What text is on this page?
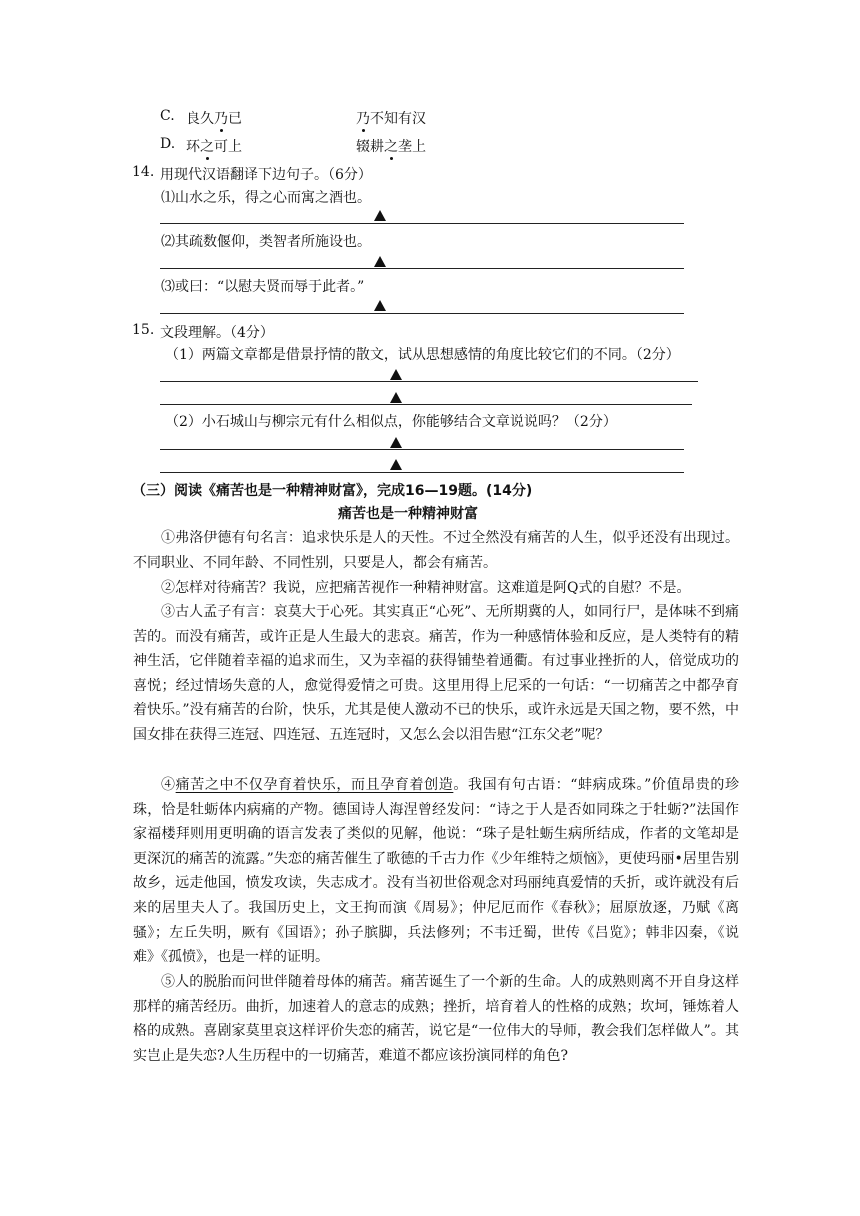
C. 良久乃已	乃不知有汉
D. 环之可上	辍耕之垄上
14. 用现代汉语翻译下边句子。（6分）
⑴山水之乐，得之心而寓之酒也。
⑵其疏数偃仰，类智者所施设也。
⑶或曰：“以慰夫贤而辱于此者。”
15. 文段理解。（4分）
（1）两篇文章都是借景抒情的散文，试从思想感情的角度比较它们的不同。（2分）
（2）小石城山与柳宗元有什么相似点，你能够结合文章说说吗？（2分）
（三）阅读《痛苦也是一种精神财富》，完成16—19题。(14分)
痛苦也是一种精神财富
①弗洛伊德有句名言：追求快乐是人的天性。不过全然没有痛苦的人生，似乎还没有出现过。不同职业、不同年龄、不同性别，只要是人，都会有痛苦。
②怎样对待痛苦？我说，应把痛苦视作一种精神财富。这难道是阿Q式的自慰？不是。
③古人孟子有言：哀莫大于心死。其实真正“心死”、无所期冀的人，如同行尸，是体味不到痛苦的。而没有痛苦，或许正是人生最大的悲哀。痛苦，作为一种感情体验和反应，是人类特有的精神生活，它伴随着幸福的追求而生，又为幸福的获得铺垫着通衢。有过事业挫折的人，倍觉成功的喜悦；经过情场失意的人，愈觉得爱情之可贵。这里用得上尼采的一句话：“一切痛苦之中都孕育着快乐。”没有痛苦的台阶，快乐，尤其是使人激动不已的快乐，或许永远是天国之物，要不然，中国女排在获得三连冠、四连冠、五连冠时，又怎么会以泪告慰“江东父老”呢？
④痛苦之中不仅孕育着快乐，而且孕育着创造。我国有句古语：“蚌病成珠。”价值昂贵的珍珠，恰是牡蛎体内病痛的产物。德国诗人海涅曾经发问：“诗之于人是否如同珠之于牡蛎?”法国作家福楼拜则用更明确的语言发表了类似的见解，他说：“珠子是牡蛎生病所结成，作者的文笔却是更深沉的痛苦的流露。”失恋的痛苦催生了歌德的千古力作《少年维特之烦恼》，更使玛丽•居里告别故乡，远走他国，愤发攻读，失志成才。没有当初世俗观念对玛丽纯真爱情的夭折，或许就没有后来的居里夫人了。我国历史上，文王拘而演《周易》；仲尼厄而作《春秋》；屈原放逐，乃赋《离骚》；左丘失明，厥有《国语》；孙子膑脚，兵法修列；不韦迁蜀，世传《吕览》；韩非囚秦，《说难》《孤愤》，也是一样的证明。
⑤人的脱胎而问世伴随着母体的痛苦。痛苦诞生了一个新的生命。人的成熟则离不开自身这样那样的痛苦经历。曲折，加速着人的意志的成熟；挫折，培育着人的性格的成熟；坎坷，锤炼着人格的成熟。喜剧家莫里哀这样评价失恋的痛苦，说它是“一位伟大的导师，教会我们怎样做人”。其实岂止是失恋?人生历程中的一切痛苦，难道不都应该扮演同样的角色?
